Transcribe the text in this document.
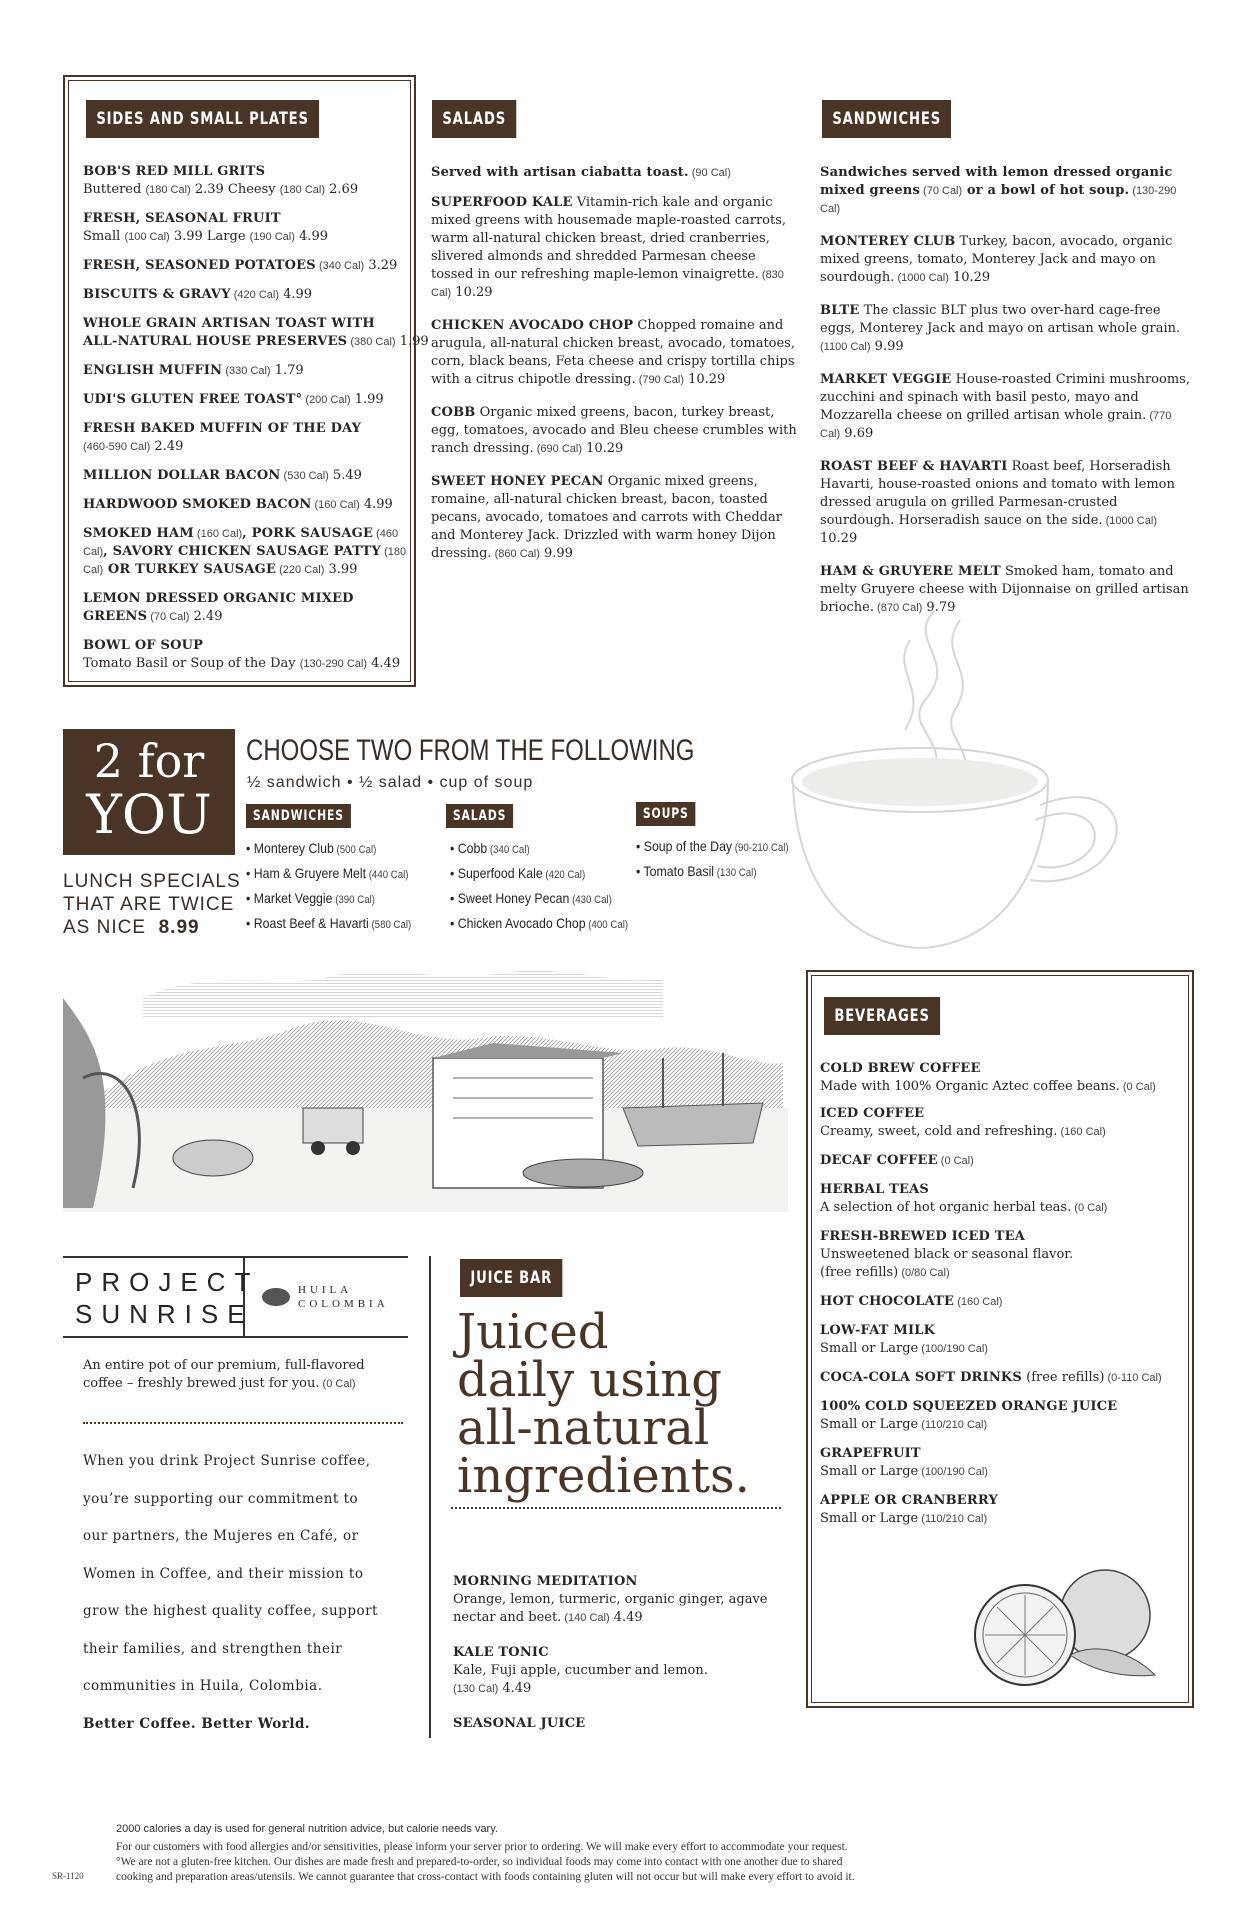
SIDES AND SMALL PLATES
BOB'S RED MILL GRITS
Buttered (180 Cal) 2.39 Cheesy (180 Cal) 2.69
FRESH, SEASONAL FRUIT
Small (100 Cal) 3.99 Large (190 Cal) 4.99
FRESH, SEASONED POTATOES (340 Cal) 3.29
BISCUITS & GRAVY (420 Cal) 4.99
WHOLE GRAIN ARTISAN TOAST WITH
ALL-NATURAL HOUSE PRESERVES (380 Cal) 1.99
ENGLISH MUFFIN (330 Cal) 1.79
UDI'S GLUTEN FREE TOAST° (200 Cal) 1.99
FRESH BAKED MUFFIN OF THE DAY
(460-590 Cal) 2.49
MILLION DOLLAR BACON (530 Cal) 5.49
HARDWOOD SMOKED BACON (160 Cal) 4.99
SMOKED HAM (160 Cal), PORK SAUSAGE (460 Cal), SAVORY CHICKEN SAUSAGE PATTY (180 Cal) OR TURKEY SAUSAGE (220 Cal) 3.99
LEMON DRESSED ORGANIC MIXED
GREENS (70 Cal) 2.49
BOWL OF SOUP
Tomato Basil or Soup of the Day (130-290 Cal) 4.49
SALADS
Served with artisan ciabatta toast. (90 Cal)
SUPERFOOD KALE Vitamin-rich kale and organic mixed greens with housemade maple-roasted carrots, warm all-natural chicken breast, dried cranberries, slivered almonds and shredded Parmesan cheese tossed in our refreshing maple-lemon vinaigrette. (830 Cal) 10.29
CHICKEN AVOCADO CHOP Chopped romaine and arugula, all-natural chicken breast, avocado, tomatoes, corn, black beans, Feta cheese and crispy tortilla chips with a citrus chipotle dressing. (790 Cal) 10.29
COBB Organic mixed greens, bacon, turkey breast, egg, tomatoes, avocado and Bleu cheese crumbles with ranch dressing. (690 Cal) 10.29
SWEET HONEY PECAN Organic mixed greens, romaine, all-natural chicken breast, bacon, toasted pecans, avocado, tomatoes and carrots with Cheddar and Monterey Jack. Drizzled with warm honey Dijon dressing. (860 Cal) 9.99
SANDWICHES
Sandwiches served with lemon dressed organic mixed greens (70 Cal) or a bowl of hot soup. (130-290 Cal)
MONTEREY CLUB Turkey, bacon, avocado, organic mixed greens, tomato, Monterey Jack and mayo on sourdough. (1000 Cal) 10.29
BLTE The classic BLT plus two over-hard cage-free eggs, Monterey Jack and mayo on artisan whole grain. (1100 Cal) 9.99
MARKET VEGGIE House-roasted Crimini mushrooms, zucchini and spinach with basil pesto, mayo and Mozzarella cheese on grilled artisan whole grain. (770 Cal) 9.69
ROAST BEEF & HAVARTI Roast beef, Horseradish Havarti, house-roasted onions and tomato with lemon dressed arugula on grilled Parmesan-crusted sourdough. Horseradish sauce on the side. (1000 Cal) 10.29
HAM & GRUYERE MELT Smoked ham, tomato and melty Gruyere cheese with Dijonnaise on grilled artisan brioche. (870 Cal) 9.79
2 for
YOU
LUNCH SPECIALS
THAT ARE TWICE
AS NICE 8.99
CHOOSE TWO FROM THE FOLLOWING
½ sandwich • ½ salad • cup of soup
SANDWICHES
• Monterey Club (500 Cal)
• Ham & Gruyere Melt (440 Cal)
• Market Veggie (390 Cal)
• Roast Beef & Havarti (580 Cal)
SALADS
• Cobb (340 Cal)
• Superfood Kale (420 Cal)
• Sweet Honey Pecan (430 Cal)
• Chicken Avocado Chop (400 Cal)
SOUPS
• Soup of the Day (90-210 Cal)
• Tomato Basil (130 Cal)
BEVERAGES
COLD BREW COFFEE
Made with 100% Organic Aztec coffee beans. (0 Cal)
ICED COFFEE
Creamy, sweet, cold and refreshing. (160 Cal)
DECAF COFFEE (0 Cal)
HERBAL TEAS
A selection of hot organic herbal teas. (0 Cal)
FRESH-BREWED ICED TEA
Unsweetened black or seasonal flavor.
(free refills) (0/80 Cal)
HOT CHOCOLATE (160 Cal)
LOW-FAT MILK
Small or Large (100/190 Cal)
COCA-COLA SOFT DRINKS (free refills) (0-110 Cal)
100% COLD SQUEEZED ORANGE JUICE
Small or Large (110/210 Cal)
GRAPEFRUIT
Small or Large (100/190 Cal)
APPLE OR CRANBERRY
Small or Large (110/210 Cal)
PROJECT
SUNRISE
HUILA
COLOMBIA
An entire pot of our premium, full-flavored coffee – freshly brewed just for you. (0 Cal)
When you drink Project Sunrise coffee,
you’re supporting our commitment to
our partners, the Mujeres en Café, or
Women in Coffee, and their mission to
grow the highest quality coffee, support
their families, and strengthen their
communities in Huila, Colombia.
Better Coffee. Better World.
JUICE BAR
Juiced
daily using
all-natural
ingredients.
MORNING MEDITATION
Orange, lemon, turmeric, organic ginger, agave nectar and beet. (140 Cal) 4.49
KALE TONIC
Kale, Fuji apple, cucumber and lemon.
(130 Cal) 4.49
SEASONAL JUICE
2000 calories a day is used for general nutrition advice, but calorie needs vary.
For our customers with food allergies and/or sensitivities, please inform your server prior to ordering. We will make every effort to accommodate your request.
°We are not a gluten-free kitchen. Our dishes are made fresh and prepared-to-order, so individual foods may come into contact with one another due to shared
cooking and preparation areas/utensils. We cannot guarantee that cross-contact with foods containing gluten will not occur but will make every effort to avoid it.
SR-1120
